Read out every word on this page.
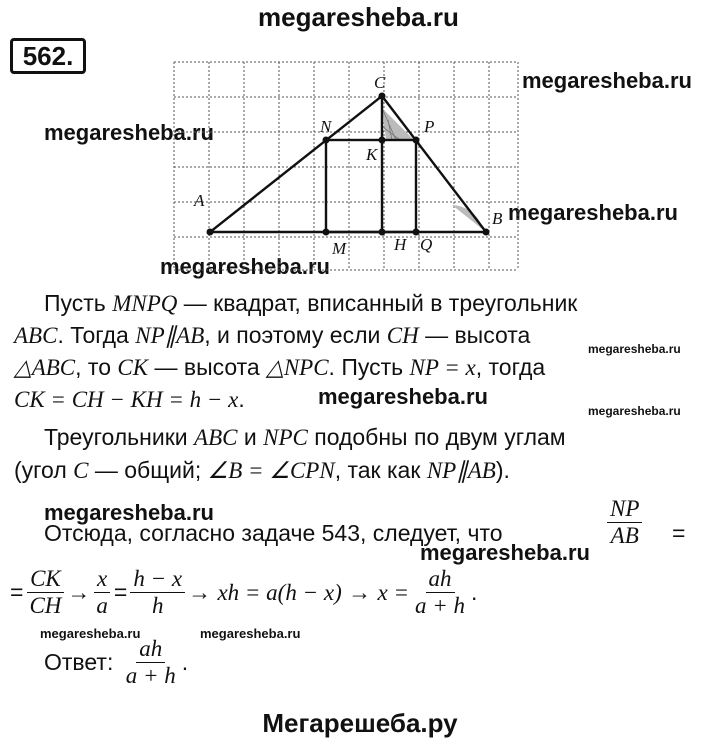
megaresheba.ru
megaresheba.ru
megaresheba.ru
megaresheba.ru
megaresheba.ru
megaresheba.ru
megaresheba.ru
megaresheba.ru
megaresheba.ru
megaresheba.ru
megaresheba.ru	megaresheba.ru
562.
A
B
C
N	P
K
M	H Q
Пусть MNPQ — квадрат, вписанный в треугольник
ABC. Тогда NP∥AB, и поэтому если CH — высота
△ABC, то CK — высота △NPC. Пусть NP = x, тогда
CK = CH − KH = h − x.
Треугольники ABC и NPC подобны по двум углам
(угол C — общий; ∠B = ∠CPN, так как NP∥AB).
Отсюда, согласно задаче 543, следует, что	$\frac{NP}{AB}$ =
= $\frac{CK}{CH} \to \frac{x}{a} = \frac{h - x}{h}$ →
xh = a(h − x)
→
$x = \frac{ah}{a + h}$ .
Ответ:
$\frac{ah}{a + h}$ .
Мегарешеба.ру
